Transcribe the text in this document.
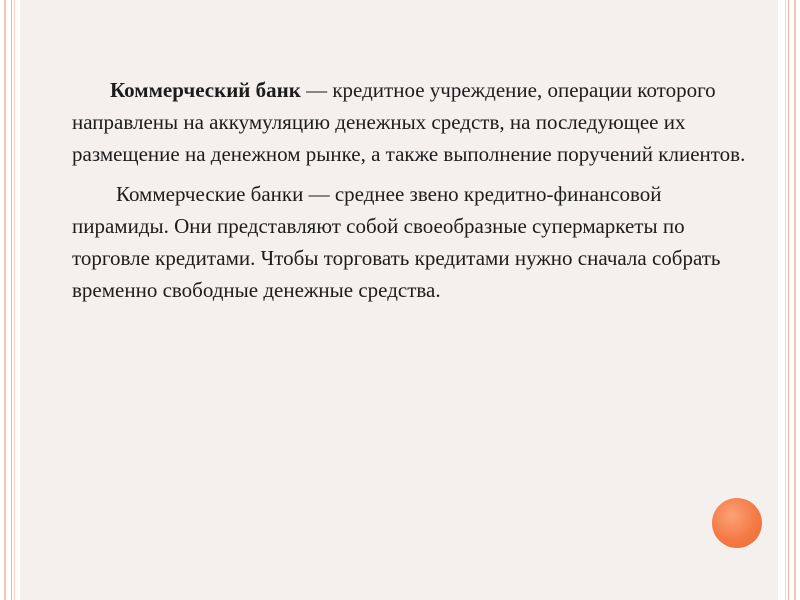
Коммерческий банк — кредитное учреждение, операции которого направлены на аккумуляцию денежных средств, на последующее их размещение на денежном рынке, а также выполнение поручений клиентов.

Коммерческие банки — среднее звено кредитно-финансовой пирамиды. Они представляют собой своеобразные супермаркеты по торговле кредитами. Чтобы торговать кредитами нужно сначала собрать временно свободные денежные средства.
